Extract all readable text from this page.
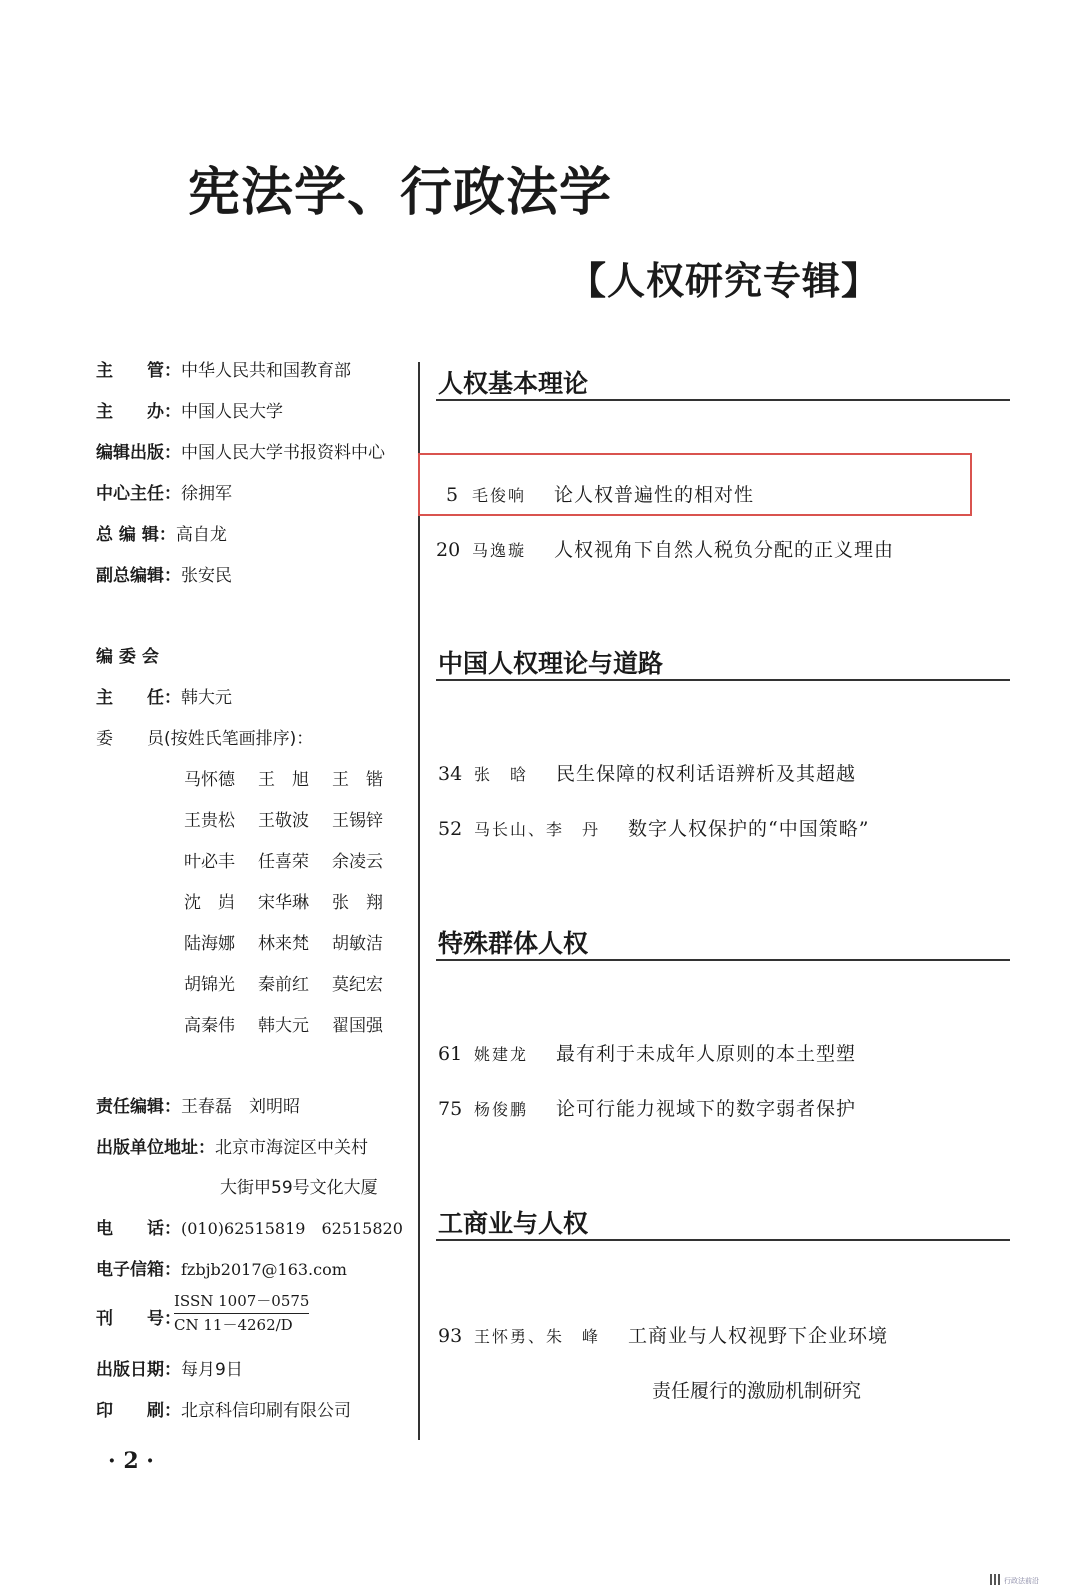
宪法学、行政法学
【人权研究专辑】
主　　管：中华人民共和国教育部
主　　办：中国人民大学
编辑出版：中国人民大学书报资料中心
中心主任：徐拥军
总 编 辑：高自龙
副总编辑：张安民
编 委 会
主　　任：韩大元
委　　员(按姓氏笔画排序)：
马怀德 王　旭 王　锴
王贵松 王敬波 王锡锌
叶必丰 任喜荣 余凌云
沈　岿 宋华琳 张　翔
陆海娜 林来梵 胡敏洁
胡锦光 秦前红 莫纪宏
高秦伟 韩大元 翟国强
责任编辑：王春磊　刘明昭
出版单位地址：北京市海淀区中关村
大街甲59号文化大厦
电　　话：(010)62515819　62515820
电子信箱：fzbjb2017@163.com
刊　　号：
ISSN 1007－0575
CN 11－4262/D
出版日期：每月9日
印　　刷：北京科信印刷有限公司
人权基本理论
5 毛俊响 论人权普遍性的相对性
20 马逸璇 人权视角下自然人税负分配的正义理由
中国人权理论与道路
34 张　晗 民生保障的权利话语辨析及其超越
52 马长山、李　丹 数字人权保护的“中国策略”
特殊群体人权
61 姚建龙 最有利于未成年人原则的本土型塑
75 杨俊鹏 论可行能力视域下的数字弱者保护
工商业与人权
93 王怀勇、朱　峰 工商业与人权视野下企业环境
责任履行的激励机制研究
· 2 ·
行政法前沿
